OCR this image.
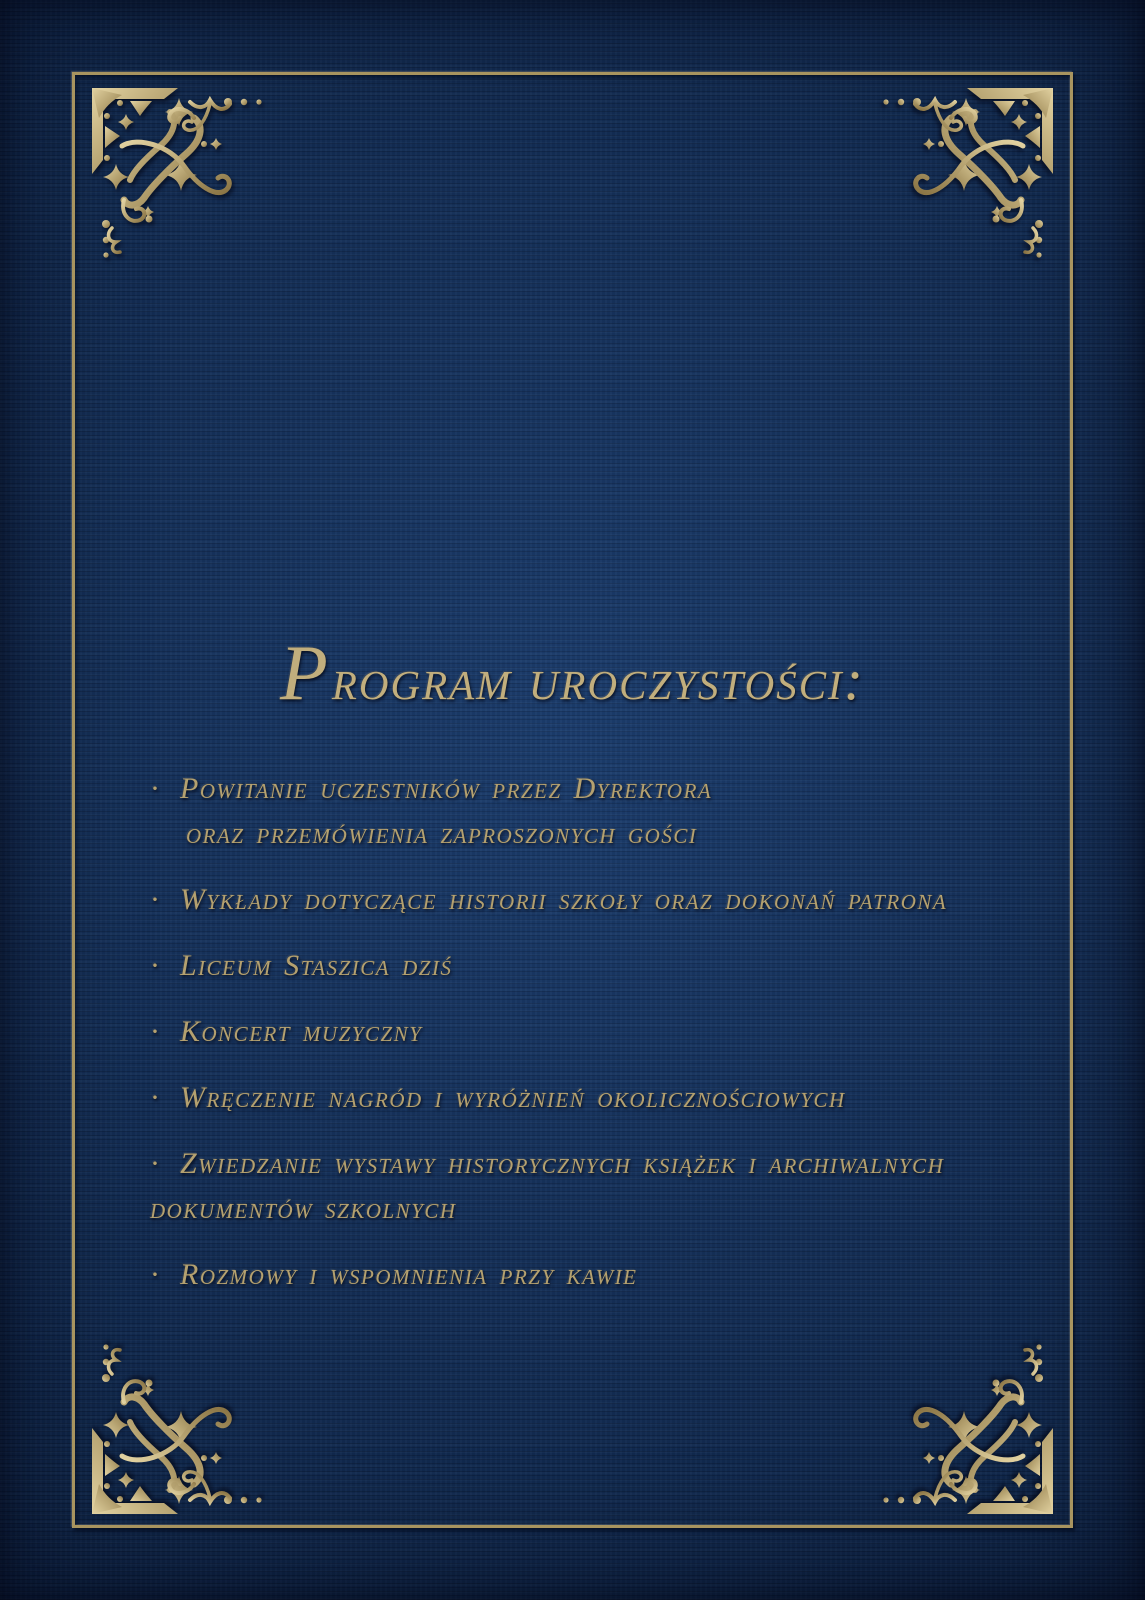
Program uroczystości:
· Powitanie uczestników przez Dyrektora
oraz przemówienia zaproszonych gości
· Wykłady dotyczące historii szkoły oraz dokonań patrona
· Liceum Staszica dziś
· Koncert muzyczny
· Wręczenie nagród i wyróżnień okolicznościowych
· Zwiedzanie wystawy historycznych książek i archiwalnych
dokumentów szkolnych
· Rozmowy i wspomnienia przy kawie
